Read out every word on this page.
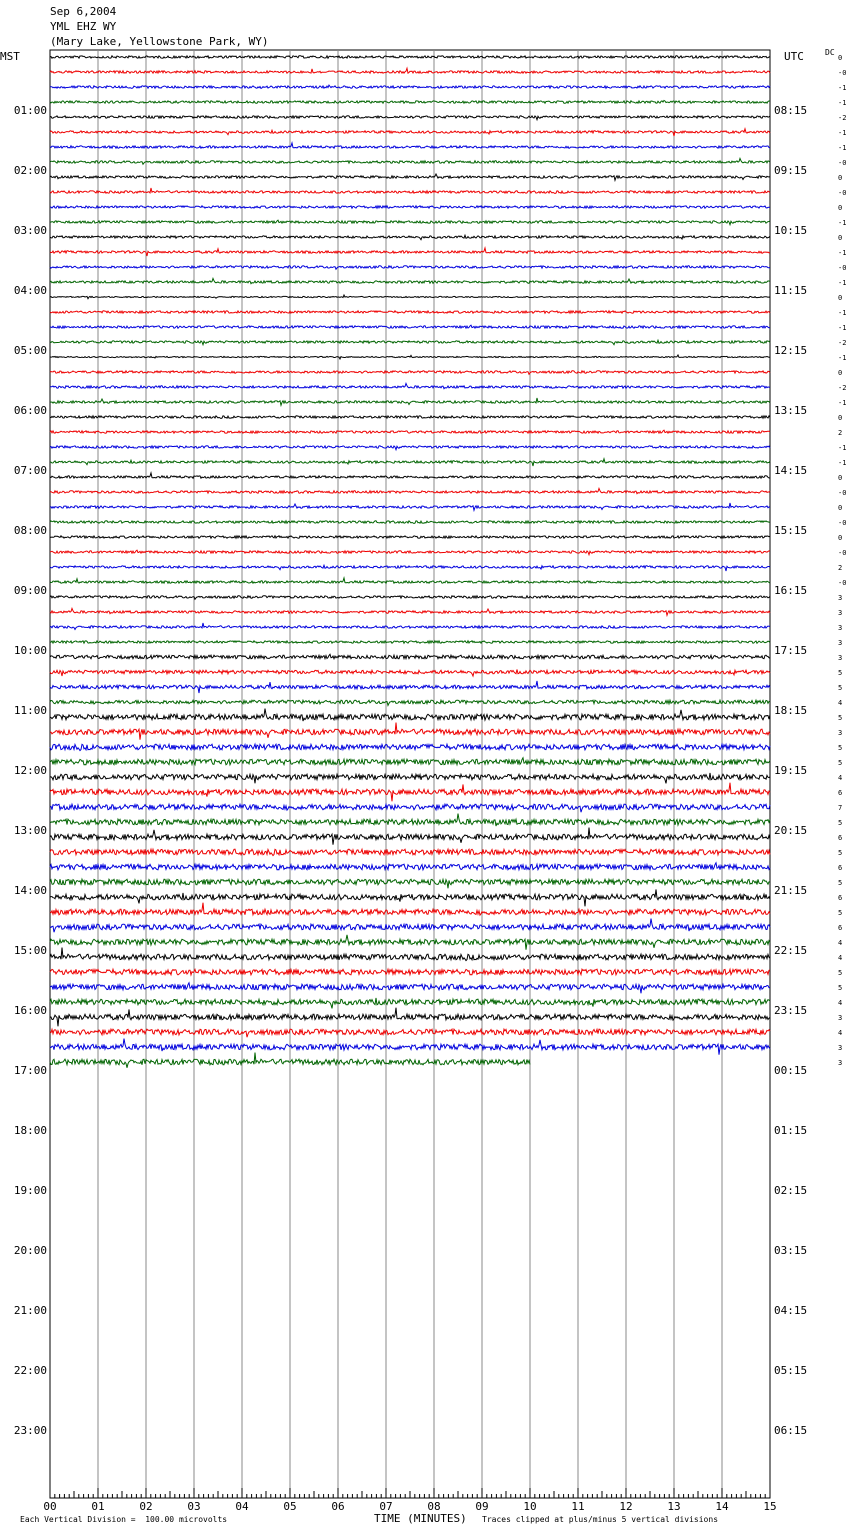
Sep 6,2004
YML EHZ WY
(Mary Lake, Yellowstone Park, WY)
MST	UTC	DC
00	01	02	03	04	05	06	07	08	09	10	11	12	13	14	15
01:00
02:00
03:00
04:00
05:00
06:00
07:00
08:00
09:00
10:00
11:00
12:00
13:00
14:00
15:00
16:00
17:00
18:00
19:00
20:00
21:00
22:00
23:00
08:15
09:15
10:15
11:15
12:15
13:15
14:15
15:15
16:15
17:15
18:15
19:15
20:15
21:15
22:15
23:15
00:15
01:15
02:15
03:15
04:15
05:15
06:15
0
-0
-1
-1
-2
-1
-1
-0
0
-0
0
-1
0
-1
-0
-1
0
-1
-1
-2
-1
0
-2
-1
0
2
-1
-1
0
-0
0
-0
0
-0
2
-0
3
3
3
3
3
5
5
4
5
3
5
5
4
6
7
5
6
5
6
5
6
5
6
4
4
5
5
4
3
4
3
3
Each Vertical Division =  100.00 microvolts	TIME (MINUTES) Traces clipped at plus/minus 5 vertical divisions
